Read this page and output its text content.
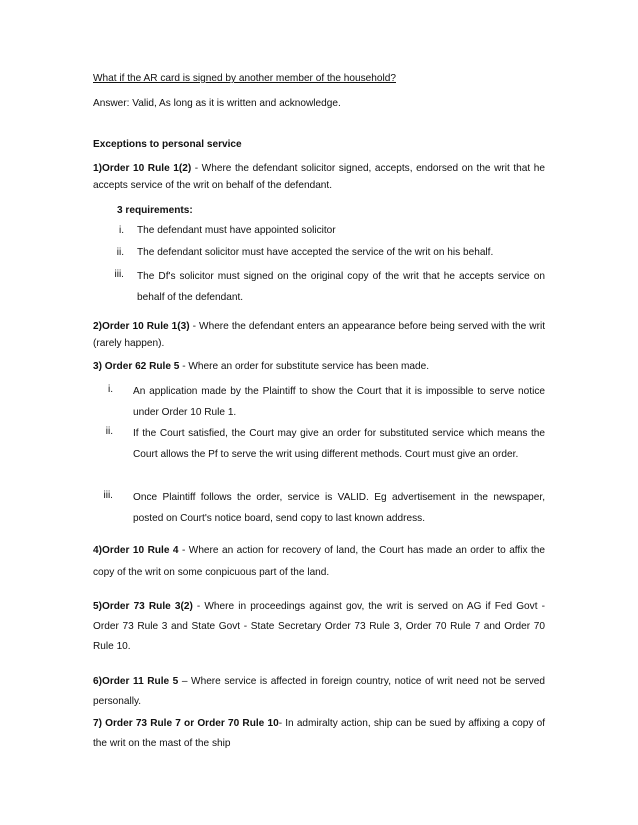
What if the AR card is signed by another member of the household?
Answer: Valid, As long as it is written and acknowledge.
Exceptions to personal service
1)Order 10 Rule 1(2) - Where the defendant solicitor signed, accepts, endorsed on the writ that he accepts service of the writ on behalf of the defendant.
3 requirements:
i. The defendant must have appointed solicitor
ii. The defendant solicitor must have accepted the service of the writ on his behalf.
iii. The Df's solicitor must signed on the original copy of the writ that he accepts service on behalf of the defendant.
2)Order 10 Rule 1(3) - Where the defendant enters an appearance before being served with the writ (rarely happen).
3) Order 62 Rule 5 - Where an order for substitute service has been made.
i. An application made by the Plaintiff to show the Court that it is impossible to serve notice under Order 10 Rule 1.
ii. If the Court satisfied, the Court may give an order for substituted service which means the Court allows the Pf to serve the writ using different methods. Court must give an order.
iii. Once Plaintiff follows the order, service is VALID. Eg advertisement in the newspaper, posted on Court's notice board, send copy to last known address.
4)Order 10 Rule 4 - Where an action for recovery of land, the Court has made an order to affix the copy of the writ on some conpicuous part of the land.
5)Order 73 Rule 3(2) - Where in proceedings against gov, the writ is served on AG if Fed Govt - Order 73 Rule 3 and State Govt - State Secretary Order 73 Rule 3, Order 70 Rule 7 and Order 70 Rule 10.
6)Order 11 Rule 5 – Where service is affected in foreign country, notice of writ need not be served personally.
7) Order 73 Rule 7 or Order 70 Rule 10- In admiralty action, ship can be sued by affixing a copy of the writ on the mast of the ship
